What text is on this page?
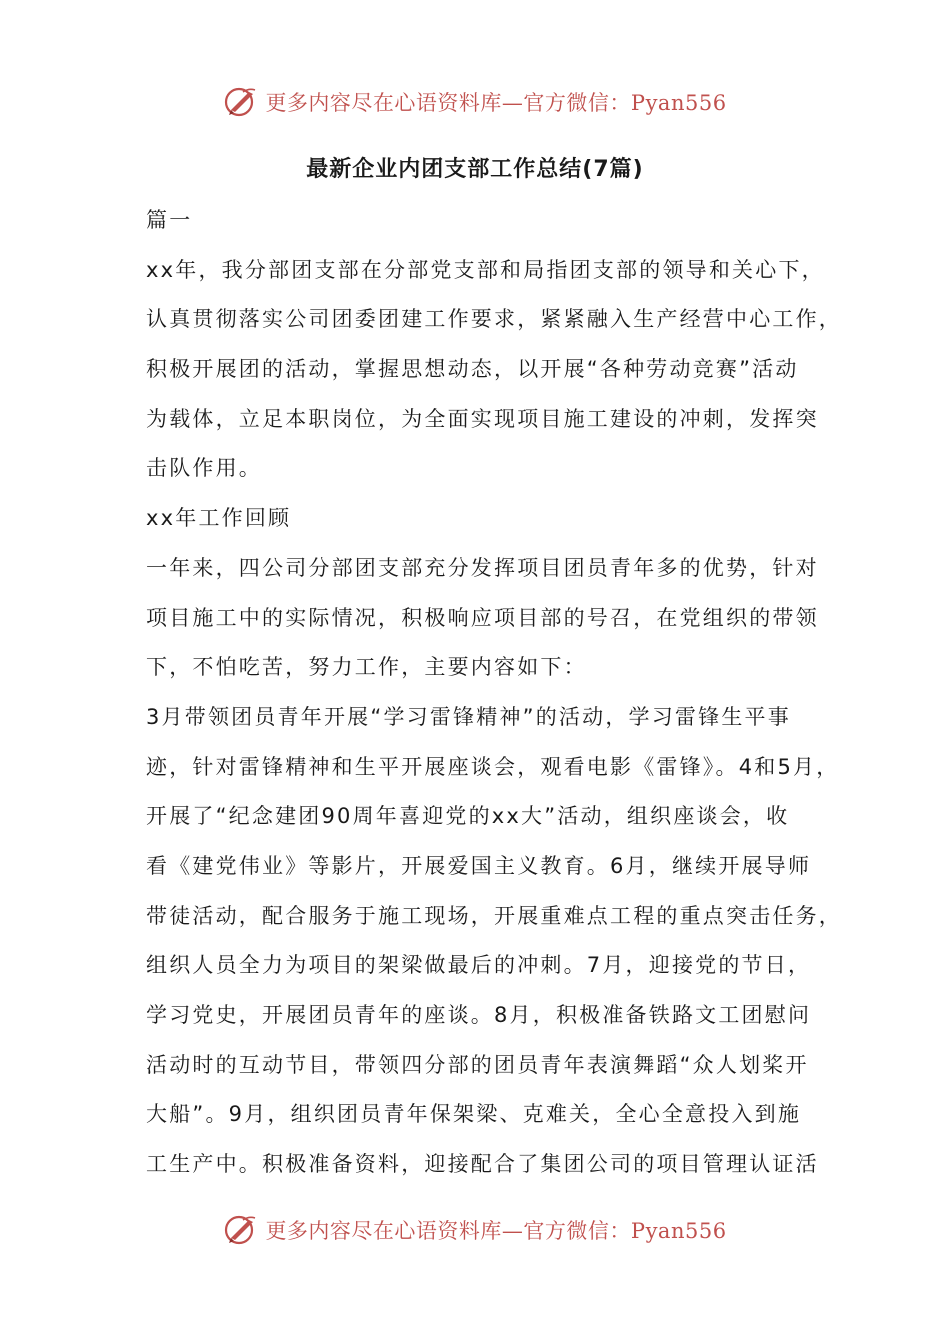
更多内容尽在心语资料库—官方微信：Pyan556
最新企业内团支部工作总结(7篇)
篇一
xx年，我分部团支部在分部党支部和局指团支部的领导和关心下，
认真贯彻落实公司团委团建工作要求，紧紧融入生产经营中心工作，
积极开展团的活动，掌握思想动态，以开展“各种劳动竞赛”活动
为载体，立足本职岗位，为全面实现项目施工建设的冲刺，发挥突
击队作用。
xx年工作回顾
一年来，四公司分部团支部充分发挥项目团员青年多的优势，针对
项目施工中的实际情况，积极响应项目部的号召，在党组织的带领
下，不怕吃苦，努力工作，主要内容如下：
3月带领团员青年开展“学习雷锋精神”的活动，学习雷锋生平事
迹，针对雷锋精神和生平开展座谈会，观看电影《雷锋》。4和5月，
开展了“纪念建团90周年喜迎党的xx大”活动，组织座谈会，收
看《建党伟业》等影片，开展爱国主义教育。6月，继续开展导师
带徒活动，配合服务于施工现场，开展重难点工程的重点突击任务，
组织人员全力为项目的架梁做最后的冲刺。7月，迎接党的节日，
学习党史，开展团员青年的座谈。8月，积极准备铁路文工团慰问
活动时的互动节目，带领四分部的团员青年表演舞蹈“众人划桨开
大船”。9月，组织团员青年保架梁、克难关，全心全意投入到施
工生产中。积极准备资料，迎接配合了集团公司的项目管理认证活
更多内容尽在心语资料库—官方微信：Pyan556
